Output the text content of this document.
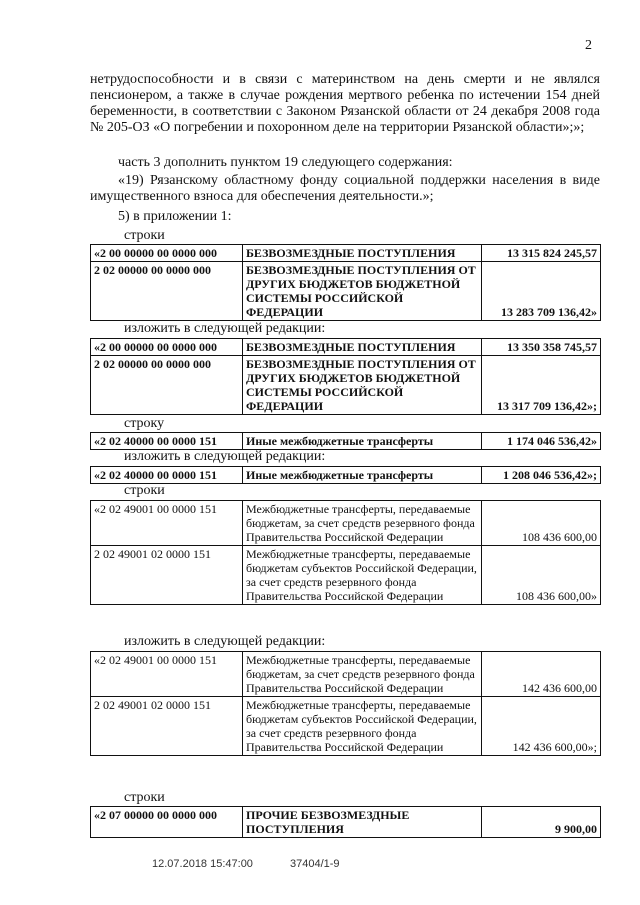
2
нетрудоспособности и в связи с материнством на день смерти и не являлся пенсионером, а также в случае рождения мертвого ребенка по истечении 154 дней беременности, в соответствии с Законом Рязанской области от 24 декабря 2008 года № 205-ОЗ «О погребении и похоронном деле на территории Рязанской области»;»;
часть 3 дополнить пунктом 19 следующего содержания:
«19) Рязанскому областному фонду социальной поддержки населения в виде имущественного взноса для обеспечения деятельности.»;
5) в приложении 1:
строки
«2 00 00000 00 0000 000	БЕЗВОЗМЕЗДНЫЕ ПОСТУПЛЕНИЯ	13 315 824 245,57
2 02 00000 00 0000 000	БЕЗВОЗМЕЗДНЫЕ ПОСТУПЛЕНИЯ ОТ ДРУГИХ БЮДЖЕТОВ БЮДЖЕТНОЙ СИСТЕМЫ РОССИЙСКОЙ ФЕДЕРАЦИИ	13 283 709 136,42»
изложить в следующей редакции:
«2 00 00000 00 0000 000	БЕЗВОЗМЕЗДНЫЕ ПОСТУПЛЕНИЯ	13 350 358 745,57
2 02 00000 00 0000 000	БЕЗВОЗМЕЗДНЫЕ ПОСТУПЛЕНИЯ ОТ ДРУГИХ БЮДЖЕТОВ БЮДЖЕТНОЙ СИСТЕМЫ РОССИЙСКОЙ ФЕДЕРАЦИИ	13 317 709 136,42»;
строку
«2 02 40000 00 0000 151	Иные межбюджетные трансферты	1 174 046 536,42»
изложить в следующей редакции:
«2 02 40000 00 0000 151	Иные межбюджетные трансферты	1 208 046 536,42»;
строки
«2 02 49001 00 0000 151	Межбюджетные трансферты, передаваемые бюджетам, за счет средств резервного фонда Правительства Российской Федерации	108 436 600,00
2 02 49001 02 0000 151	Межбюджетные трансферты, передаваемые бюджетам субъектов Российской Федерации, за счет средств резервного фонда Правительства Российской Федерации	108 436 600,00»
изложить в следующей редакции:
«2 02 49001 00 0000 151	Межбюджетные трансферты, передаваемые бюджетам, за счет средств резервного фонда Правительства Российской Федерации	142 436 600,00
2 02 49001 02 0000 151	Межбюджетные трансферты, передаваемые бюджетам субъектов Российской Федерации, за счет средств резервного фонда Правительства Российской Федерации	142 436 600,00»;
строки
«2 07 00000 00 0000 000	ПРОЧИЕ БЕЗВОЗМЕЗДНЫЕ ПОСТУПЛЕНИЯ	9 900,00
12.07.2018 15:47:00	37404/1-9
